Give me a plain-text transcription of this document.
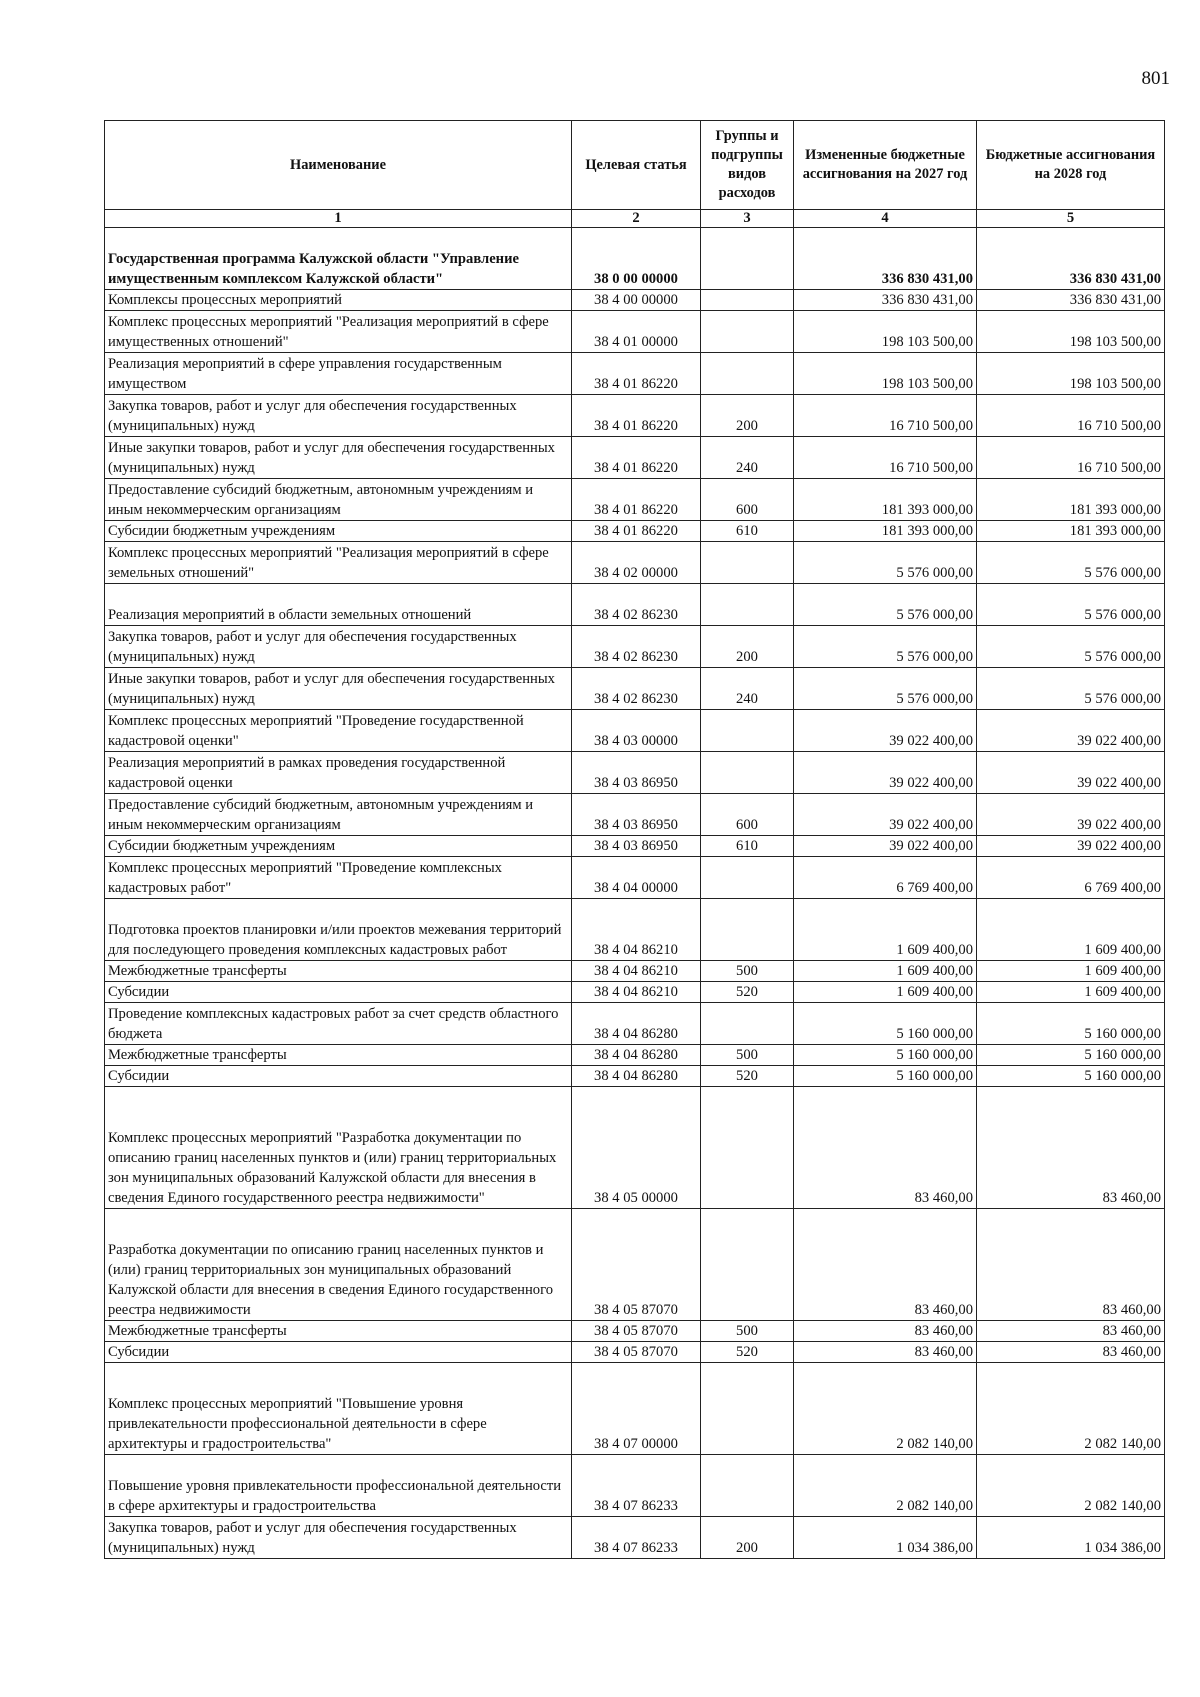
801
Наименование	Целевая статья	Группы и подгруппы видов расходов	Измененные бюджетные ассигнования на 2027 год	Бюджетные ассигнования на 2028 год
1	2	3	4	5
Государственная программа Калужской области "Управление имущественным комплексом Калужской области"	38 0 00 00000		336 830 431,00	336 830 431,00
Комплексы процессных мероприятий	38 4 00 00000		336 830 431,00	336 830 431,00
Комплекс процессных мероприятий "Реализация мероприятий в сфере имущественных отношений"	38 4 01 00000		198 103 500,00	198 103 500,00
Реализация мероприятий в сфере управления государственным имуществом	38 4 01 86220		198 103 500,00	198 103 500,00
Закупка товаров, работ и услуг для обеспечения государственных (муниципальных) нужд	38 4 01 86220	200	16 710 500,00	16 710 500,00
Иные закупки товаров, работ и услуг для обеспечения государственных (муниципальных) нужд	38 4 01 86220	240	16 710 500,00	16 710 500,00
Предоставление субсидий бюджетным, автономным учреждениям и иным некоммерческим организациям	38 4 01 86220	600	181 393 000,00	181 393 000,00
Субсидии бюджетным учреждениям	38 4 01 86220	610	181 393 000,00	181 393 000,00
Комплекс процессных мероприятий "Реализация мероприятий в сфере земельных отношений"	38 4 02 00000		5 576 000,00	5 576 000,00
Реализация мероприятий в области земельных отношений	38 4 02 86230		5 576 000,00	5 576 000,00
Закупка товаров, работ и услуг для обеспечения государственных (муниципальных) нужд	38 4 02 86230	200	5 576 000,00	5 576 000,00
Иные закупки товаров, работ и услуг для обеспечения государственных (муниципальных) нужд	38 4 02 86230	240	5 576 000,00	5 576 000,00
Комплекс процессных мероприятий "Проведение государственной кадастровой оценки"	38 4 03 00000		39 022 400,00	39 022 400,00
Реализация мероприятий в рамках проведения государственной кадастровой оценки	38 4 03 86950		39 022 400,00	39 022 400,00
Предоставление субсидий бюджетным, автономным учреждениям и иным некоммерческим организациям	38 4 03 86950	600	39 022 400,00	39 022 400,00
Субсидии бюджетным учреждениям	38 4 03 86950	610	39 022 400,00	39 022 400,00
Комплекс процессных мероприятий "Проведение комплексных кадастровых работ"	38 4 04 00000		6 769 400,00	6 769 400,00
Подготовка проектов планировки и/или проектов межевания территорий для последующего проведения комплексных кадастровых работ	38 4 04 86210		1 609 400,00	1 609 400,00
Межбюджетные трансферты	38 4 04 86210	500	1 609 400,00	1 609 400,00
Субсидии	38 4 04 86210	520	1 609 400,00	1 609 400,00
Проведение комплексных кадастровых работ за счет средств областного бюджета	38 4 04 86280		5 160 000,00	5 160 000,00
Межбюджетные трансферты	38 4 04 86280	500	5 160 000,00	5 160 000,00
Субсидии	38 4 04 86280	520	5 160 000,00	5 160 000,00
Комплекс процессных мероприятий "Разработка документации по описанию границ населенных пунктов и (или) границ территориальных зон муниципальных образований Калужской области для внесения в сведения Единого государственного реестра недвижимости"	38 4 05 00000		83 460,00	83 460,00
Разработка документации по описанию границ населенных пунктов и (или) границ территориальных зон муниципальных образований Калужской области для внесения в сведения Единого государственного реестра недвижимости	38 4 05 87070		83 460,00	83 460,00
Межбюджетные трансферты	38 4 05 87070	500	83 460,00	83 460,00
Субсидии	38 4 05 87070	520	83 460,00	83 460,00
Комплекс процессных мероприятий "Повышение уровня привлекательности профессиональной деятельности в сфере архитектуры и градостроительства"	38 4 07 00000		2 082 140,00	2 082 140,00
Повышение уровня привлекательности профессиональной деятельности в сфере архитектуры и градостроительства	38 4 07 86233		2 082 140,00	2 082 140,00
Закупка товаров, работ и услуг для обеспечения государственных (муниципальных) нужд	38 4 07 86233	200	1 034 386,00	1 034 386,00
